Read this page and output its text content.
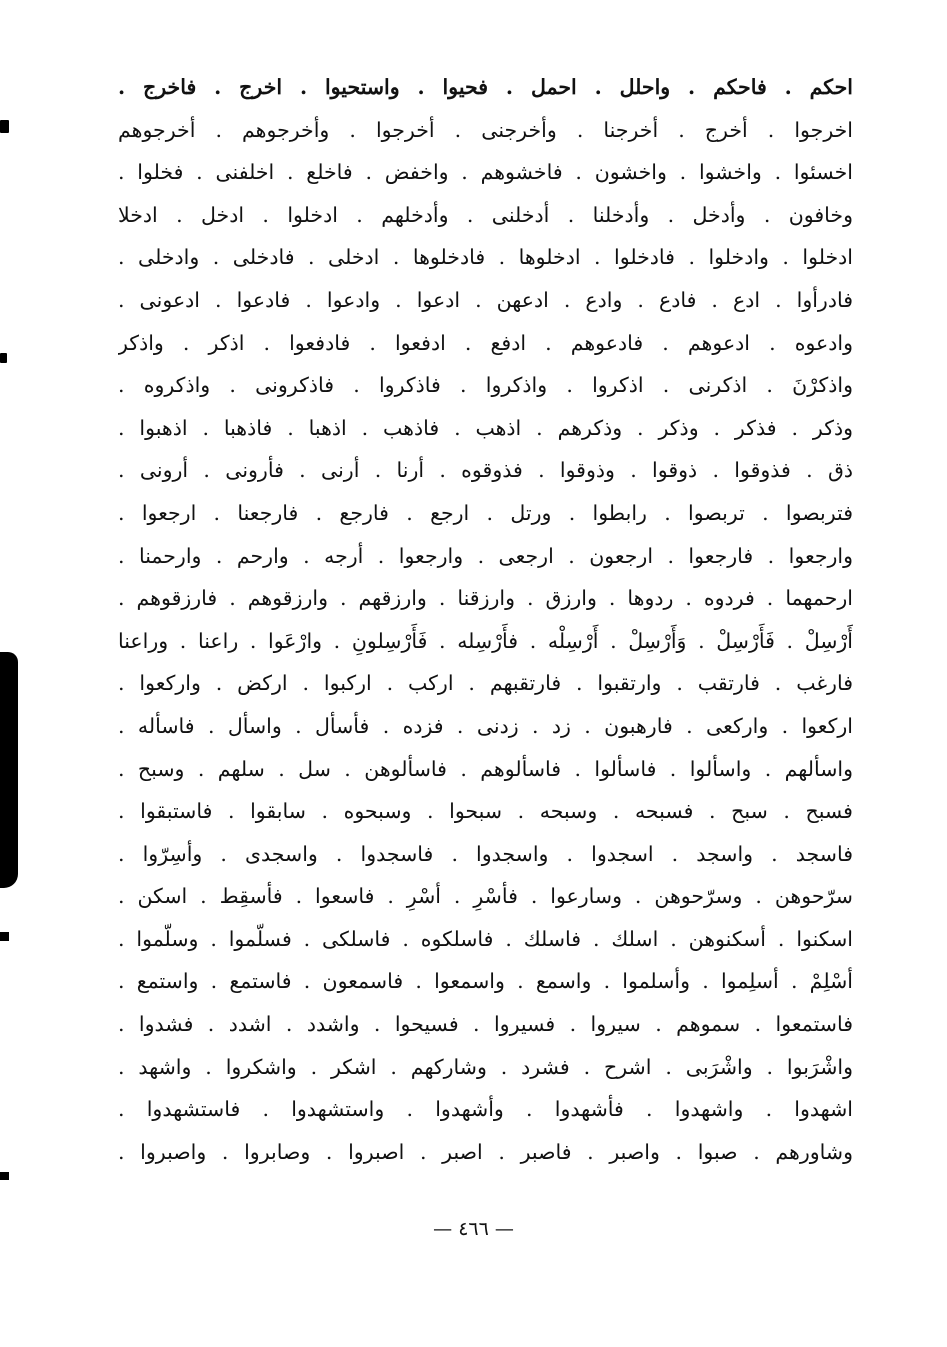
احكم . فاحكم . واحلل . احمل . فحيوا . واستحيوا . اخرج . فاخرج .
اخرجوا . أخرج . أخرجنا . وأخرجنى . أخرجوا . وأخرجوهم . أخرجوهم
اخسئوا . واخشوا . واخشون . فاخشوهم . واخفض . فاخلع . اخلفنى . فخلوا .
وخافون . وأدخل . وأدخلنا . أدخلنى . وأدخلهم . ادخلوا . ادخل . ادخلا
ادخلوا . وادخلوا . فادخلوا . ادخلوها . فادخلوها . ادخلى . فادخلى . وادخلى .
فادرأوا . ادع . فادع . وادع . ادعهن . ادعوا . وادعوا . فادعوا . ادعونى .
وادعوه . ادعوهم . فادعوهم . ادفع . ادفعوا . فادفعوا . اذكر . واذكر
واذكرْنَ . اذكرنى . اذكروا . واذكروا . فاذكروا . فاذكرونى . واذكروه .
وذكر . فذكر . وذكر . وذكرهم . اذهب . فاذهب . اذهبا . فاذهبا . اذهبوا .
ذق . فذوقوا . ذوقوا . وذوقوا . فذوقوه . أرنا . أرنى . فأرونى . أرونى .
فتربصوا . تربصوا . رابطوا . ورتل . ارجع . فارجع . فارجعنا . ارجعوا .
وارجعوا . فارجعوا . ارجعون . ارجعى . وارجعوا . أرجه . وارحم . وارحمنا .
ارحمهما . فردوه . ردوها . وارزق . وارزقنا . وارزقهم . وارزقوهم . فارزقوهم .
أَرْسِلْ . فَأَرْسِلْ . وَأَرْسِلْ . أَرْسِلْه . فأَرْسِله . فَأَرْسِلونِ . وارْعَوا . راعنا . وراعنا
فارغب . فارتقب . وارتقبوا . فارتقبهم . اركب . اركبوا . اركض . واركعوا .
اركعوا . واركعى . فارهبون . زد . زدنى . فزده . فأسأل . واسأل . فاسأله .
واسألهم . واسألوا . فاسألوا . فاسألوهم . فاسألوهن . سل . سلهم . وسبح .
فسبح . سبح . فسبحه . وسبحه . سبحوا . وسبحوه . سابقوا . فاستبقوا .
فاسجد . واسجد . اسجدوا . واسجدوا . فاسجدوا . واسجدى . وأسِرّوا .
سرّحوهن . وسرّحوهن . وسارعوا . فأسْرِ . أسْرِ . فاسعوا . فأسقِط . اسكن .
اسكنوا . أسكنوهن . اسلك . فاسلك . فاسلكوه . فاسلكى . فسلّموا . وسلّموا .
أسْلِمْ . أسلِموا . وأسلموا . واسمع . واسمعوا . فاسمعون . فاستمع . واستمع .
فاستمعوا . سموهم . سيروا . فسيروا . فسيحوا . واشدد . اشدد . فشدوا .
واشْرَبوا . واشْرَبى . اشرح . فشرد . وشاركهم . اشكر . واشكروا . واشهد .
اشهدوا . واشهدوا . فأشهدوا . وأشهدوا . واستشهدوا . فاستشهدوا .
وشاورهم . صبوا . واصبر . فاصبر . اصبر . اصبروا . وصابروا . واصبروا .
— ٤٦٦ —
